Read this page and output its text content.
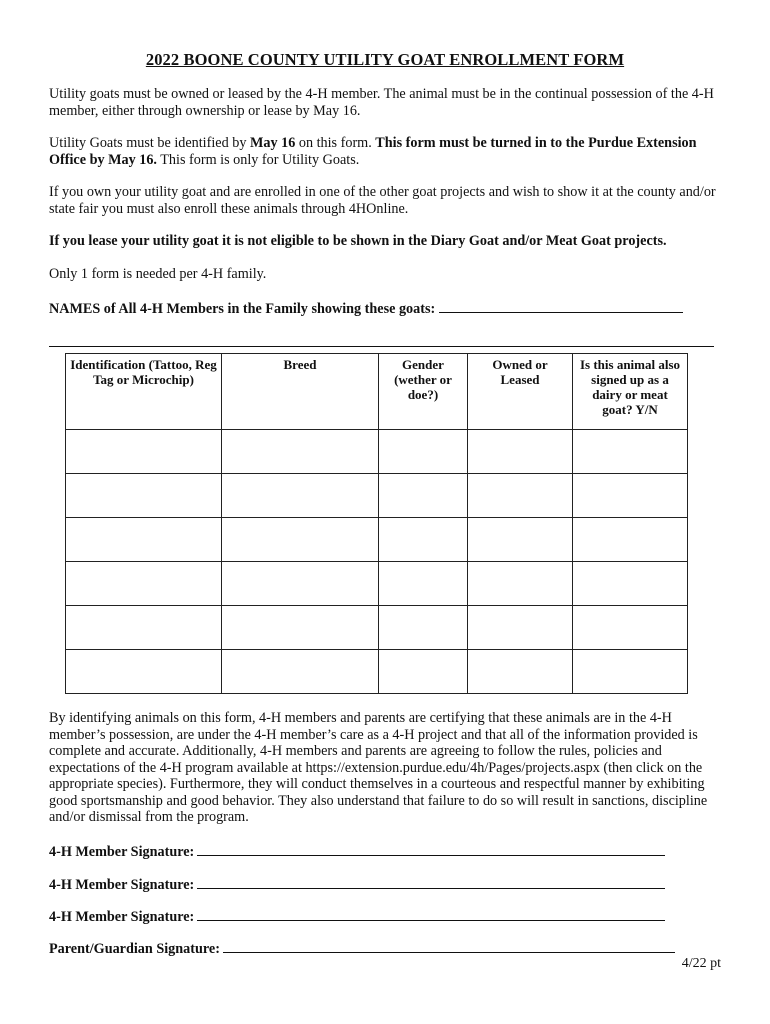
2022 BOONE COUNTY UTILITY GOAT ENROLLMENT FORM
Utility goats must be owned or leased by the 4-H member. The animal must be in the continual possession of the 4-H member, either through ownership or lease by May 16.
Utility Goats must be identified by May 16 on this form. This form must be turned in to the Purdue Extension Office by May 16. This form is only for Utility Goats.
If you own your utility goat and are enrolled in one of the other goat projects and wish to show it at the county and/or state fair you must also enroll these animals through 4HOnline.
If you lease your utility goat it is not eligible to be shown in the Diary Goat and/or Meat Goat projects.
Only 1 form is needed per 4-H family.
NAMES of All 4-H Members in the Family showing these goats:
Identification (Tattoo, Reg Tag or Microchip)	Breed	Gender (wether or doe?)	Owned or Leased	Is this animal also signed up as a dairy or meat goat? Y/N

By identifying animals on this form, 4-H members and parents are certifying that these animals are in the 4-H member’s possession, are under the 4-H member’s care as a 4-H project and that all of the information provided is complete and accurate. Additionally, 4-H members and parents are agreeing to follow the rules, policies and expectations of the 4-H program available at https://extension.purdue.edu/4h/Pages/projects.aspx (then click on the appropriate species). Furthermore, they will conduct themselves in a courteous and respectful manner by exhibiting good sportsmanship and good behavior. They also understand that failure to do so will result in sanctions, discipline and/or dismissal from the program.
4-H Member Signature:
4-H Member Signature:
4-H Member Signature:
Parent/Guardian Signature:
4/22 pt
